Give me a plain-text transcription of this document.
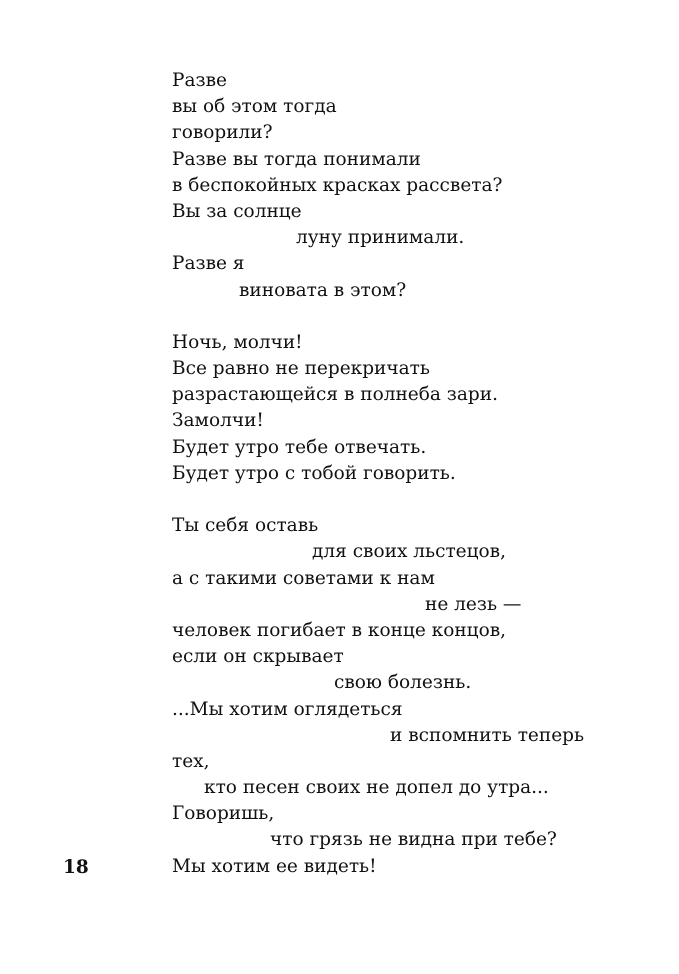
Разве
вы об этом тогда
говорили?
Разве вы тогда понимали
в беспокойных красках рассвета?
Вы за солнце
луну принимали.
Разве я
виновата в этом?
Ночь, молчи!
Все равно не перекричать
разрастающейся в полнеба зари.
Замолчи!
Будет утро тебе отвечать.
Будет утро с тобой говорить.
Ты себя оставь
для своих льстецов,
а с такими советами к нам
не лезь —
человек погибает в конце концов,
если он скрывает
свою болезнь.
...Мы хотим оглядеться
и вспомнить теперь
тех,
кто песен своих не допел до утра...
Говоришь,
что грязь не видна при тебе?
Мы хотим ее видеть!
18
